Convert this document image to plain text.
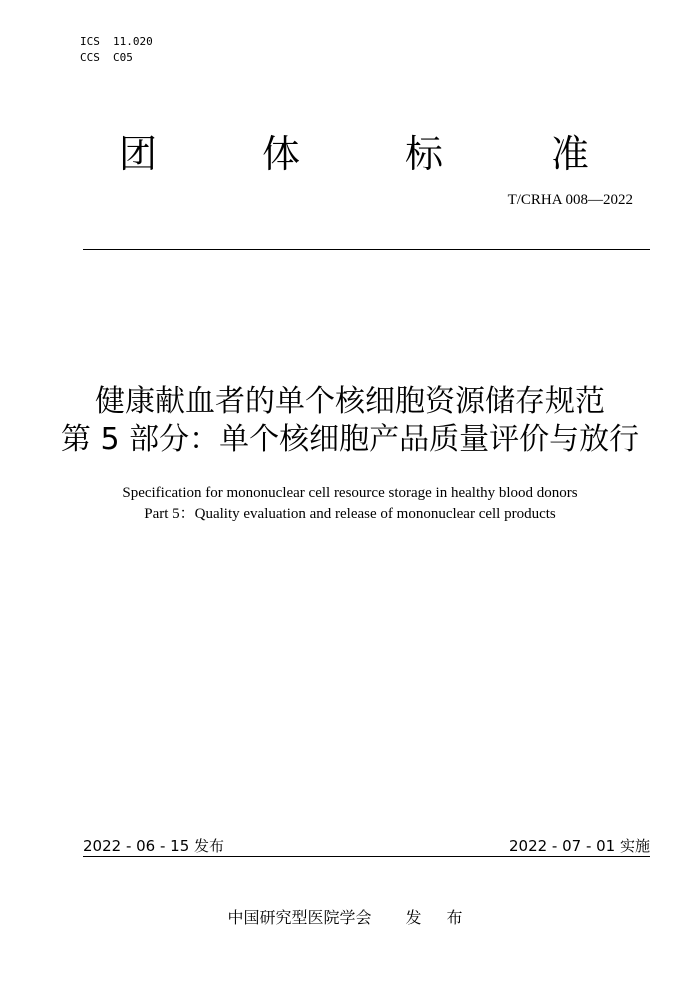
ICS 11.020
CCS C05
团	体	标	准
T/CRHA 008—2022
健康献血者的单个核细胞资源储存规范
第 5 部分：单个核细胞产品质量评价与放行
Specification for mononuclear cell resource storage in healthy blood donors
Part 5：Quality evaluation and release of mononuclear cell products
2022 - 06 - 15 发布	2022 - 07 - 01 实施
中国研究型医院学会 发 布
